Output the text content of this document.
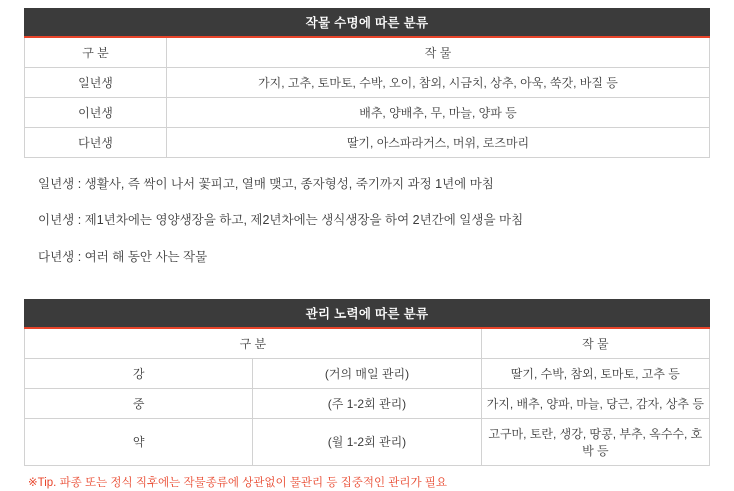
작물 수명에 따른 분류
구 분	작 물
일년생	가지, 고추, 토마토, 수박, 오이, 참외, 시금치, 상추, 아욱, 쑥갓, 바질 등
이년생	배추, 양배추, 무, 마늘, 양파 등
다년생	딸기, 아스파라거스, 머위, 로즈마리

일년생 : 생활사, 즉 싹이 나서 꽃피고, 열매 맺고, 종자형성, 죽기까지 과정 1년에 마침

이년생 : 제1년차에는 영양생장을 하고, 제2년차에는 생식생장을 하여 2년간에 일생을 마침

다년생 : 여러 해 동안 사는 작물

관리 노력에 따른 분류
구 분		작 물
강	(거의 매일 관리)	딸기, 수박, 참외, 토마토, 고추 등
중	(주 1-2회 관리)	가지, 배추, 양파, 마늘, 당근, 감자, 상추 등
약	(월 1-2회 관리)	고구마, 토란, 생강, 땅콩, 부추, 옥수수, 호박 등

※Tip. 파종 또는 정식 직후에는 작물종류에 상관없이 물관리 등 집중적인 관리가 필요
